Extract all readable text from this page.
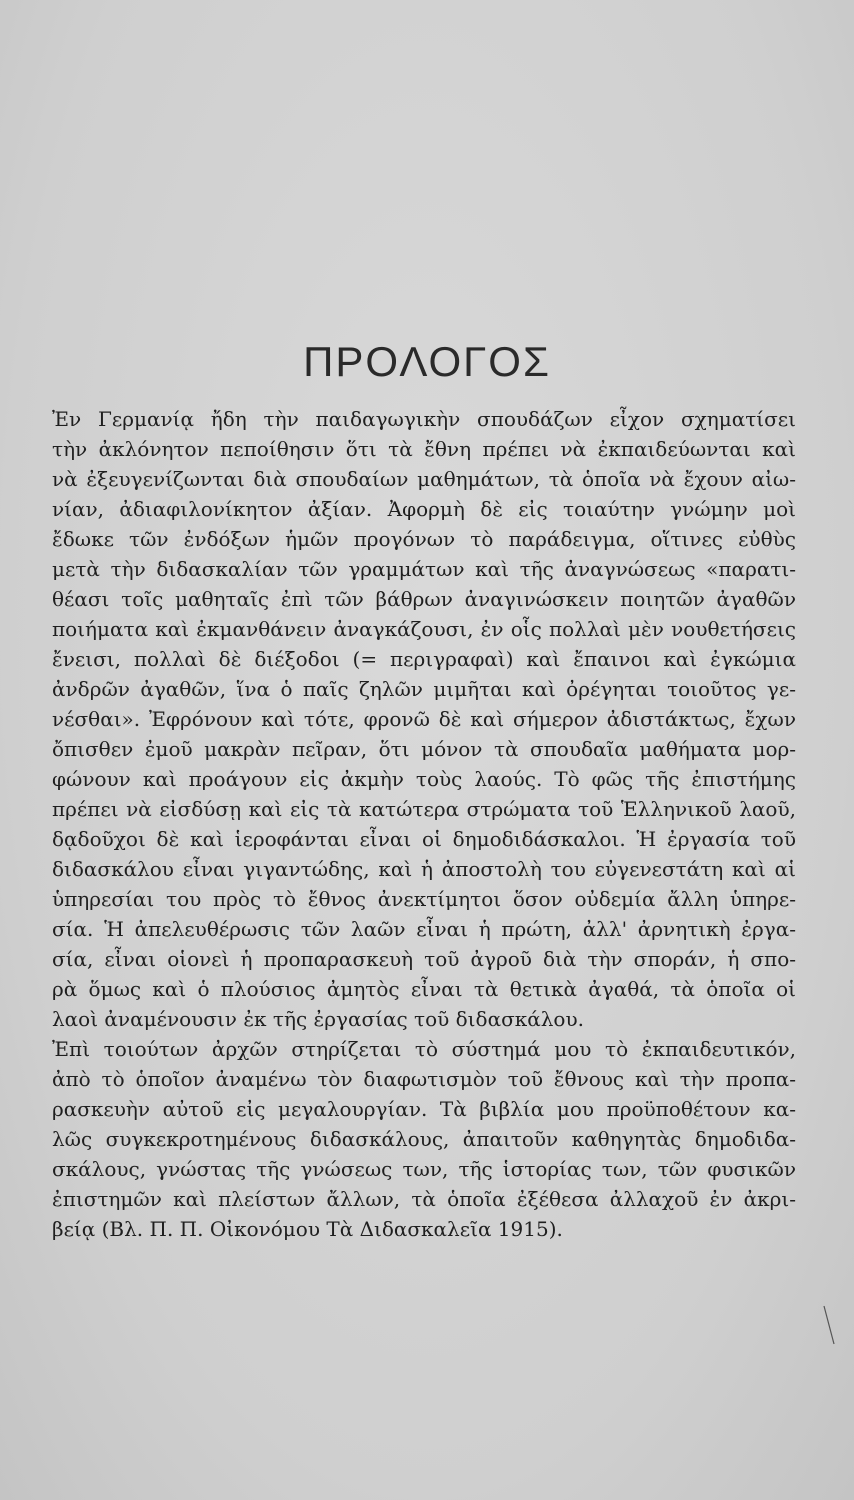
ΠΡΟΛΟΓΟΣ
Ἐν Γερμανίᾳ ἤδη τὴν παιδαγωγικὴν σπουδάζων εἶχον σχηματίσει
τὴν ἀκλόνητον πεποίθησιν ὅτι τὰ ἔθνη πρέπει νὰ ἐκπαιδεύωνται καὶ
νὰ ἐξευγενίζωνται διὰ σπουδαίων μαθημάτων, τὰ ὁποῖα νὰ ἔχουν αἰω-
νίαν, ἀδιαφιλονίκητον ἀξίαν. Ἀφορμὴ δὲ εἰς τοιαύτην γνώμην μοὶ
ἔδωκε τῶν ἐνδόξων ἡμῶν προγόνων τὸ παράδειγμα, οἵτινες εὐθὺς
μετὰ τὴν διδασκαλίαν τῶν γραμμάτων καὶ τῆς ἀναγνώσεως «παρατι-
θέασι τοῖς μαθηταῖς ἐπὶ τῶν βάθρων ἀναγινώσκειν ποιητῶν ἀγαθῶν
ποιήματα καὶ ἐκμανθάνειν ἀναγκάζουσι, ἐν οἷς πολλαὶ μὲν νουθετήσεις
ἔνεισι, πολλαὶ δὲ διέξοδοι (= περιγραφαὶ) καὶ ἔπαινοι καὶ ἐγκώμια
ἀνδρῶν ἀγαθῶν, ἵνα ὁ παῖς ζηλῶν μιμῆται καὶ ὀρέγηται τοιοῦτος γε-
νέσθαι». Ἐφρόνουν καὶ τότε, φρονῶ δὲ καὶ σήμερον ἀδιστάκτως, ἔχων
ὄπισθεν ἐμοῦ μακρὰν πεῖραν, ὅτι μόνον τὰ σπουδαῖα μαθήματα μορ-
φώνουν καὶ προάγουν εἰς ἀκμὴν τοὺς λαούς. Τὸ φῶς τῆς ἐπιστήμης
πρέπει νὰ εἰσδύσῃ καὶ εἰς τὰ κατώτερα στρώματα τοῦ Ἑλληνικοῦ λαοῦ,
δᾳδοῦχοι δὲ καὶ ἱεροφάνται εἶναι οἱ δημοδιδάσκαλοι. Ἡ ἐργασία τοῦ
διδασκάλου εἶναι γιγαντώδης, καὶ ἡ ἀποστολὴ του εὐγενεστάτη καὶ αἱ
ὑπηρεσίαι του πρὸς τὸ ἔθνος ἀνεκτίμητοι ὅσον οὐδεμία ἄλλη ὑπηρε-
σία. Ἡ ἀπελευθέρωσις τῶν λαῶν εἶναι ἡ πρώτη, ἀλλ' ἀρνητικὴ ἐργα-
σία, εἶναι οἱονεὶ ἡ προπαρασκευὴ τοῦ ἀγροῦ διὰ τὴν σποράν, ἡ σπο-
ρὰ ὅμως καὶ ὁ πλούσιος ἀμητὸς εἶναι τὰ θετικὰ ἀγαθά, τὰ ὁποῖα οἱ
λαοὶ ἀναμένουσιν ἐκ τῆς ἐργασίας τοῦ διδασκάλου.
Ἐπὶ τοιούτων ἀρχῶν στηρίζεται τὸ σύστημά μου τὸ ἐκπαιδευτικόν,
ἀπὸ τὸ ὁποῖον ἀναμένω τὸν διαφωτισμὸν τοῦ ἔθνους καὶ τὴν προπα-
ρασκευὴν αὐτοῦ εἰς μεγαλουργίαν. Τὰ βιβλία μου προϋποθέτουν κα-
λῶς συγκεκροτημένους διδασκάλους, ἀπαιτοῦν καθηγητὰς δημοδιδα-
σκάλους, γνώστας τῆς γνώσεως των, τῆς ἱστορίας των, τῶν φυσικῶν
ἐπιστημῶν καὶ πλείστων ἄλλων, τὰ ὁποῖα ἐξέθεσα ἀλλαχοῦ ἐν ἀκρι-
βείᾳ (Βλ. Π. Π. Οἰκονόμου Τὰ Διδασκαλεῖα 1915).
